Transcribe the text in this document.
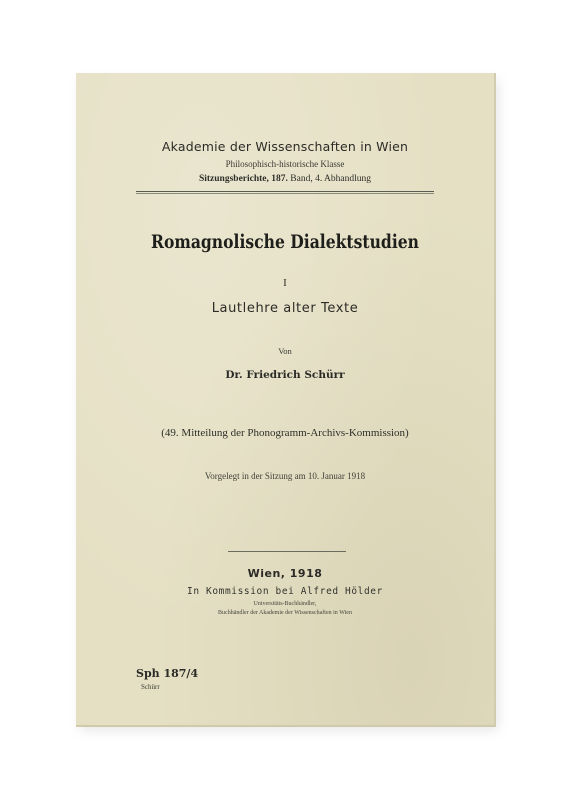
Akademie der Wissenschaften in Wien
Philosophisch-historische Klasse
Sitzungsberichte, 187. Band, 4. Abhandlung
Romagnolische Dialektstudien
I
Lautlehre alter Texte
Von
Dr. Friedrich Schürr
(49. Mitteilung der Phonogramm-Archivs-Kommission)
Vorgelegt in der Sitzung am 10. Januar 1918
Wien, 1918
In Kommission bei Alfred Hölder
Universitäts-Buchhändler,
Buchhändler der Akademie der Wissenschaften in Wien
Sph 187/4
Schürr
